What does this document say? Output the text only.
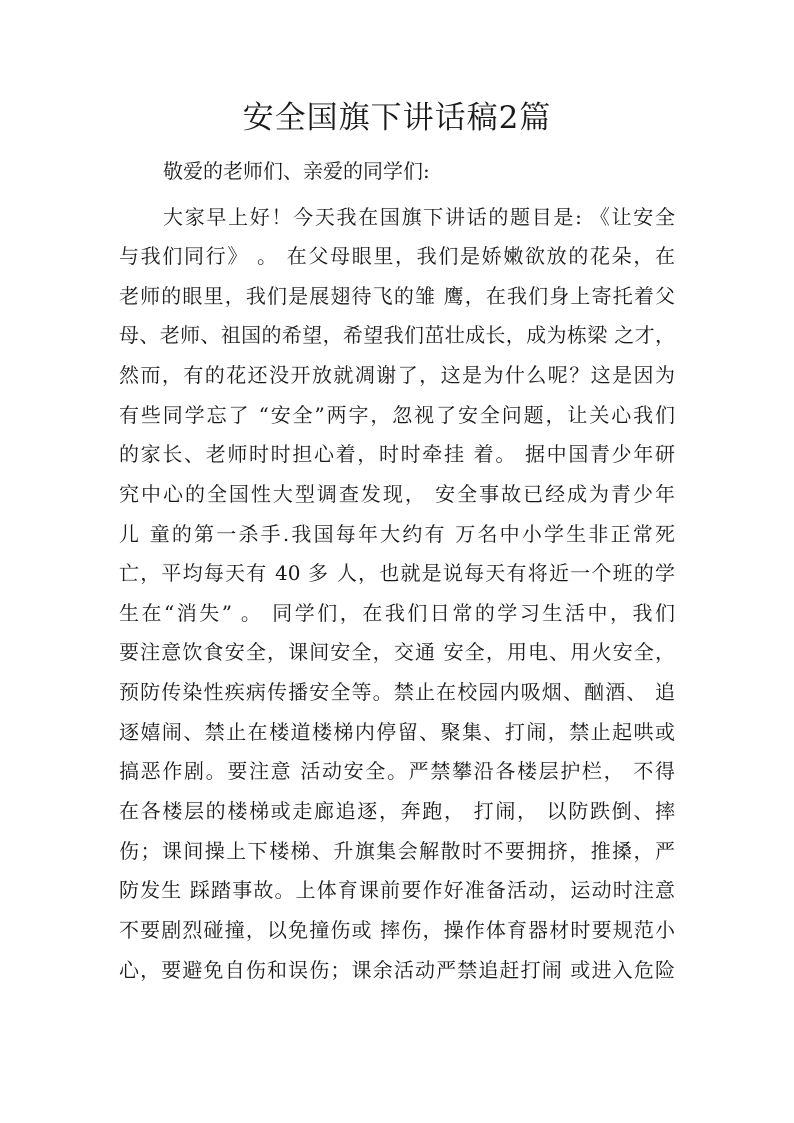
安全国旗下讲话稿2篇

敬爱的老师们、亲爱的同学们:

大家早上好！今天我在国旗下讲话的题目是: 《让安全

与我们同行》 。 在父母眼里，我们是娇嫩欲放的花朵，在

老师的眼里，我们是展翅待飞的雏 鹰，在我们身上寄托着父

母、老师、祖国的希望，希望我们茁壮成长，成为栋梁 之才，

然而，有的花还没开放就凋谢了，这是为什么呢？这是因为

有些同学忘了 “安全”两字，忽视了安全问题，让关心我们

的家长、老师时时担心着，时时牵挂 着。 据中国青少年研

究中心的全国性大型调查发现， 安全事故已经成为青少年

儿 童的第一杀手.我国每年大约有 万名中小学生非正常死

亡，平均每天有 40 多 人，也就是说每天有将近一个班的学

生在“消失” 。 同学们，在我们日常的学习生活中，我们

要注意饮食安全，课间安全，交通 安全，用电、用火安全，

预防传染性疾病传播安全等。禁止在校园内吸烟、酗酒、 追

逐嬉闹、禁止在楼道楼梯内停留、聚集、打闹，禁止起哄或

搞恶作剧。要注意 活动安全。严禁攀沿各楼层护栏， 不得

在各楼层的楼梯或走廊追逐，奔跑， 打闹， 以防跌倒、摔

伤；课间操上下楼梯、升旗集会解散时不要拥挤，推搡，严

防发生 踩踏事故。上体育课前要作好准备活动，运动时注意

不要剧烈碰撞，以免撞伤或 摔伤，操作体育器材时要规范小

心，要避免自伤和误伤；课余活动严禁追赶打闹 或进入危险
